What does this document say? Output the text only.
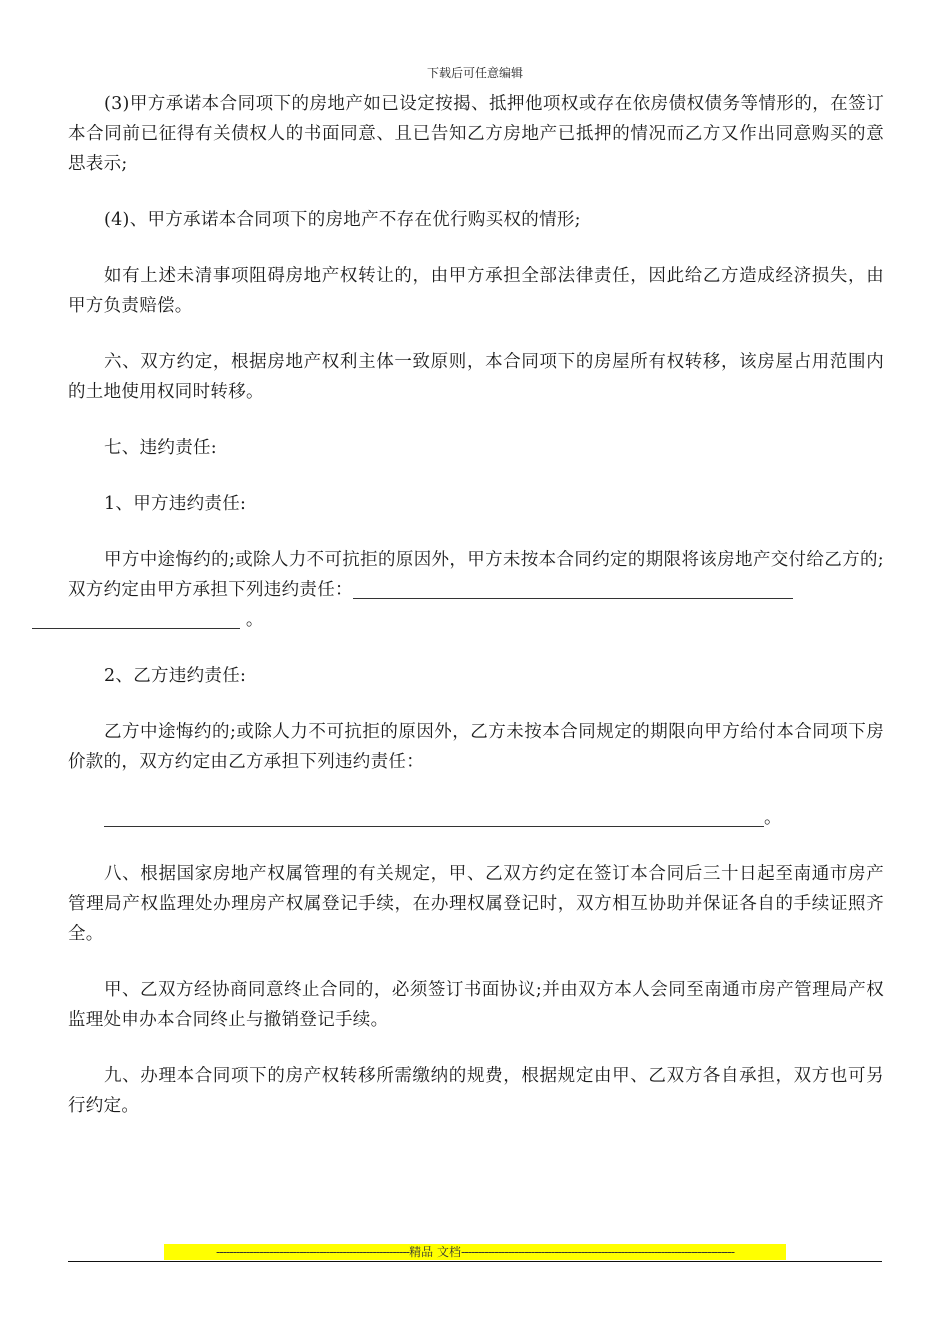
下载后可任意编辑

(3)甲方承诺本合同项下的房地产如已设定按揭、抵押他项权或存在依房债权债务等情形的，在签订本合同前已征得有关债权人的书面同意、且已告知乙方房地产已抵押的情况而乙方又作出同意购买的意思表示;

(4)、甲方承诺本合同项下的房地产不存在优行购买权的情形;

如有上述未清事项阻碍房地产权转让的，由甲方承担全部法律责任，因此给乙方造成经济损失，由甲方负责赔偿。

六、双方约定，根据房地产权利主体一致原则，本合同项下的房屋所有权转移，该房屋占用范围内的土地使用权同时转移。

七、违约责任:

1、甲方违约责任:

甲方中途悔约的;或除人力不可抗拒的原因外，甲方未按本合同约定的期限将该房地产交付给乙方的;双方约定由甲方承担下列违约责任：
。

2、乙方违约责任:

乙方中途悔约的;或除人力不可抗拒的原因外，乙方未按本合同规定的期限向甲方给付本合同项下房价款的，双方约定由乙方承担下列违约责任：

。

八、根据国家房地产权属管理的有关规定，甲、乙双方约定在签订本合同后三十日起至南通市房产管理局产权监理处办理房产权属登记手续，在办理权属登记时，双方相互协助并保证各自的手续证照齐全。

甲、乙双方经协商同意终止合同的，必须签订书面协议;并由双方本人会同至南通市房产管理局产权监理处申办本合同终止与撤销登记手续。

九、办理本合同项下的房产权转移所需缴纳的规费，根据规定由甲、乙双方各自承担，双方也可另行约定。

----------------------------------------------------------精品 文档----------------------------------------------------------------------------------
